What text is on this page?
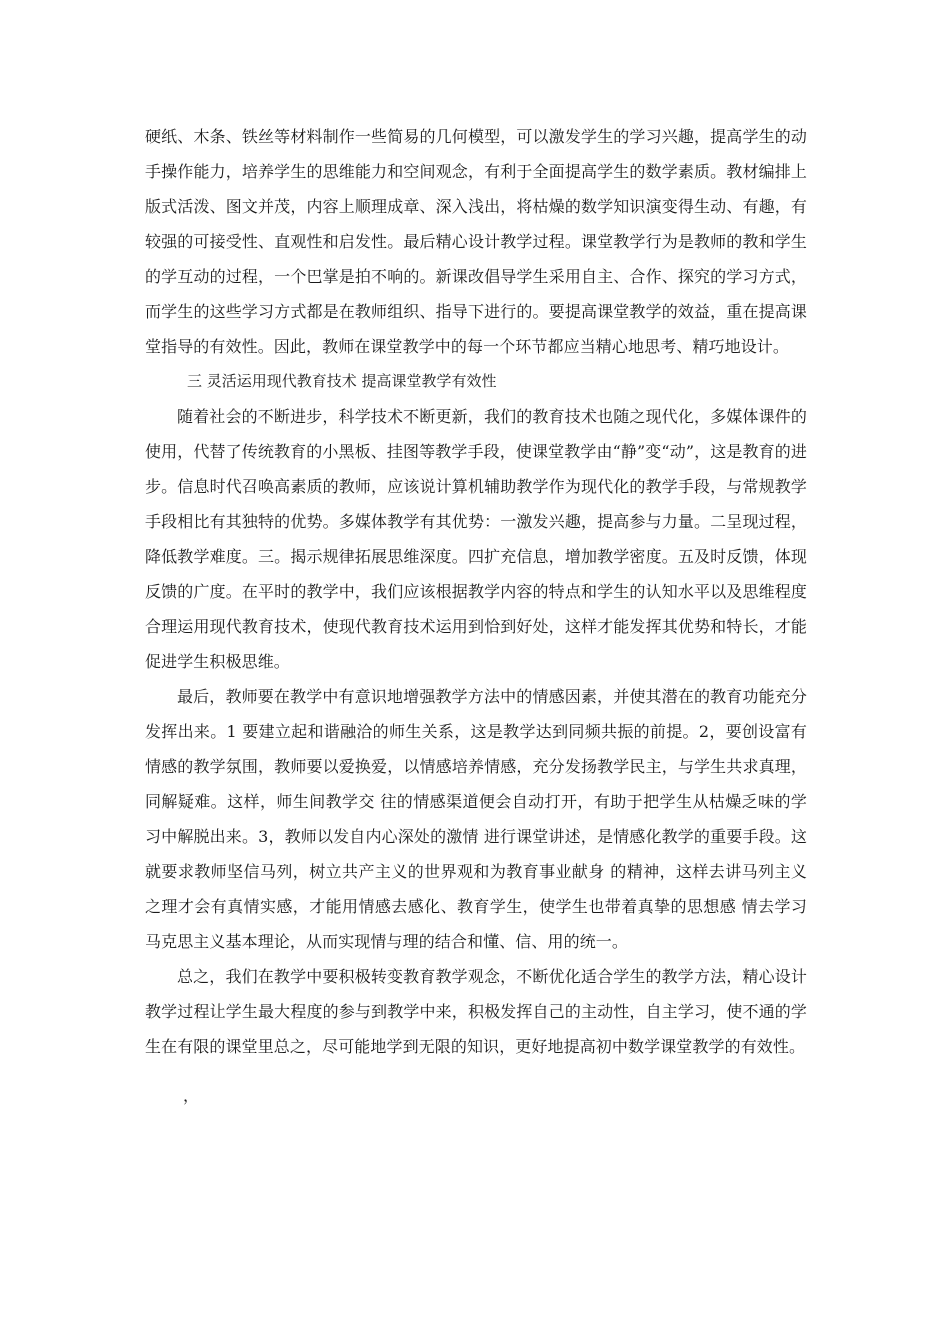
硬纸、木条、铁丝等材料制作一些简易的几何模型，可以激发学生的学习兴趣，提高学生的动手操作能力，培养学生的思维能力和空间观念，有利于全面提高学生的数学素质。教材编排上版式活泼、图文并茂，内容上顺理成章、深入浅出，将枯燥的数学知识演变得生动、有趣，有较强的可接受性、直观性和启发性。最后精心设计教学过程。课堂教学行为是教师的教和学生的学互动的过程，一个巴掌是拍不响的。新课改倡导学生采用自主、合作、探究的学习方式，而学生的这些学习方式都是在教师组织、指导下进行的。要提高课堂教学的效益，重在提高课堂指导的有效性。因此，教师在课堂教学中的每一个环节都应当精心地思考、精巧地设计。

三 灵活运用现代教育技术 提高课堂教学有效性

随着社会的不断进步，科学技术不断更新，我们的教育技术也随之现代化，多媒体课件的使用，代替了传统教育的小黑板、挂图等教学手段，使课堂教学由“静”变“动”，这是教育的进步。信息时代召唤高素质的教师，应该说计算机辅助教学作为现代化的教学手段，与常规教学手段相比有其独特的优势。多媒体教学有其优势：一激发兴趣，提高参与力量。二呈现过程，降低教学难度。三。揭示规律拓展思维深度。四扩充信息，增加教学密度。五及时反馈，体现反馈的广度。在平时的教学中，我们应该根据教学内容的特点和学生的认知水平以及思维程度合理运用现代教育技术，使现代教育技术运用到恰到好处，这样才能发挥其优势和特长，才能促进学生积极思维。

最后，教师要在教学中有意识地增强教学方法中的情感因素，并使其潜在的教育功能充分发挥出来。1 要建立起和谐融洽的师生关系，这是教学达到同频共振的前提。2，要创设富有情感的教学氛围，教师要以爱换爱，以情感培养情感，充分发扬教学民主，与学生共求真理，同解疑难。这样，师生间教学交 往的情感渠道便会自动打开，有助于把学生从枯燥乏味的学习中解脱出来。3，教师以发自内心深处的激情 进行课堂讲述，是情感化教学的重要手段。这就要求教师坚信马列，树立共产主义的世界观和为教育事业献身 的精神，这样去讲马列主义之理才会有真情实感，才能用情感去感化、教育学生，使学生也带着真挚的思想感 情去学习马克思主义基本理论，从而实现情与理的结合和懂、信、用的统一。

总之，我们在教学中要积极转变教育教学观念，不断优化适合学生的教学方法，精心设计教学过程让学生最大程度的参与到教学中来，积极发挥自己的主动性，自主学习，使不通的学生在有限的课堂里总之，尽可能地学到无限的知识，更好地提高初中数学课堂教学的有效性。

，
